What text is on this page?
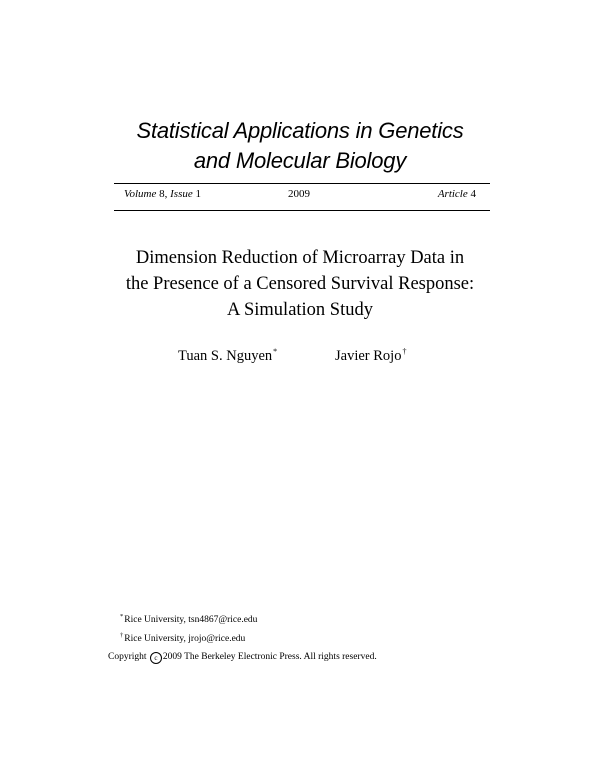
Statistical Applications in Genetics
and Molecular Biology
Volume 8, Issue 1	2009	Article 4
Dimension Reduction of Microarray Data in
the Presence of a Censored Survival Response:
A Simulation Study
Tuan S. Nguyen*	Javier Rojo†
*Rice University, tsn4867@rice.edu
†Rice University, jrojo@rice.edu
Copyright c 2009 The Berkeley Electronic Press. All rights reserved.
